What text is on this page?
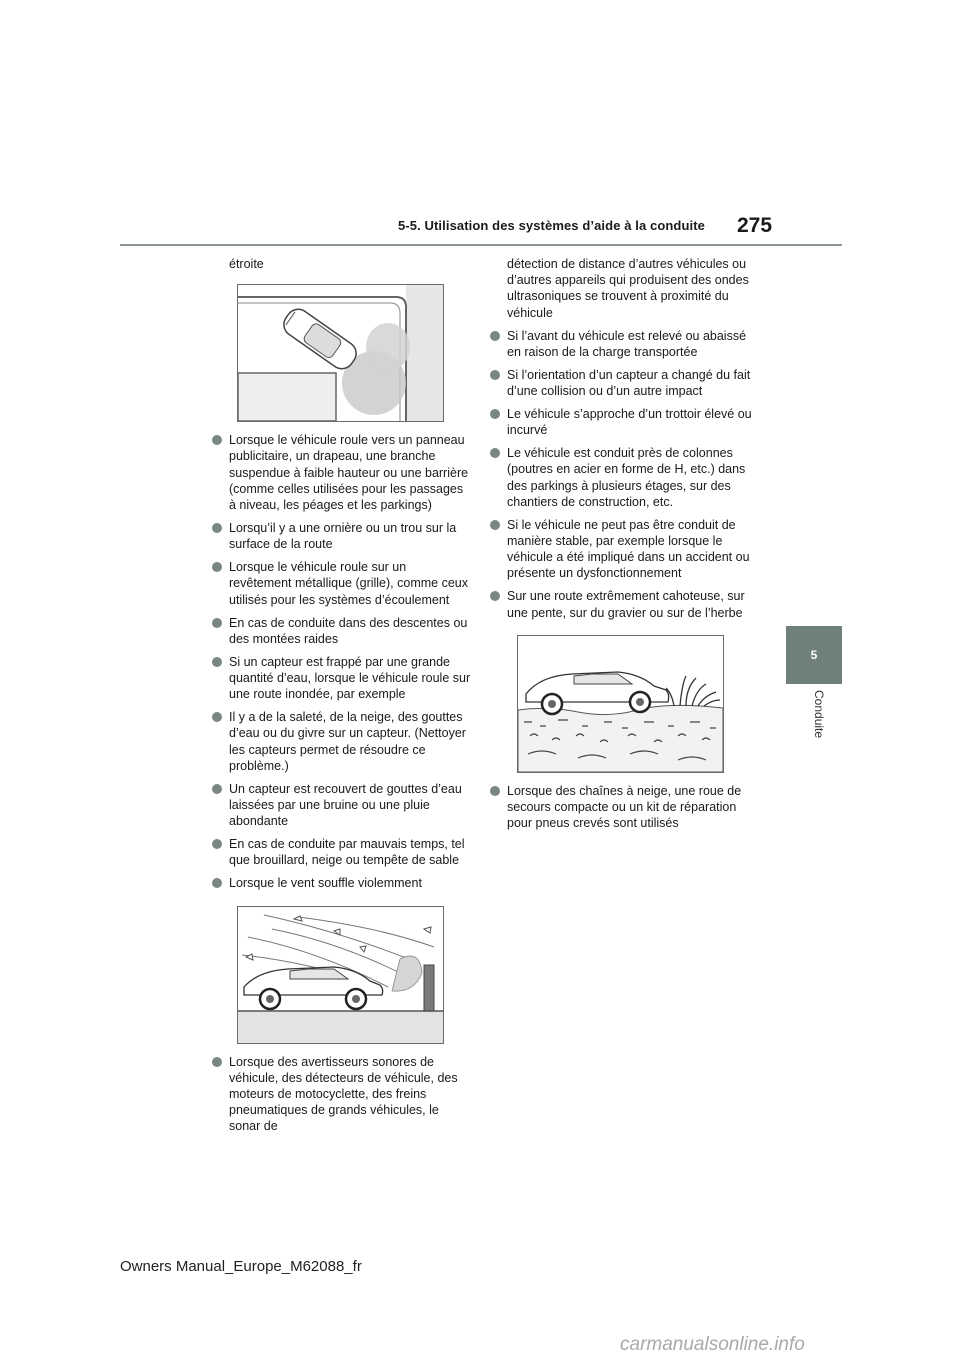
5-5. Utilisation des systèmes d’aide à la conduite 275
5
Conduite

étroite

Lorsque le véhicule roule vers un panneau publicitaire, un drapeau, une branche suspendue à faible hauteur ou une barrière (comme celles utilisées pour les passages à niveau, les péages et les parkings)
Lorsqu’il y a une ornière ou un trou sur la surface de la route
Lorsque le véhicule roule sur un revêtement métallique (grille), comme ceux utilisés pour les systèmes d’écoulement
En cas de conduite dans des descentes ou des montées raides
Si un capteur est frappé par une grande quantité d’eau, lorsque le véhicule roule sur une route inondée, par exemple
Il y a de la saleté, de la neige, des gouttes d’eau ou du givre sur un capteur. (Nettoyer les capteurs permet de résoudre ce problème.)
Un capteur est recouvert de gouttes d’eau laissées par une bruine ou une pluie abondante
En cas de conduite par mauvais temps, tel que brouillard, neige ou tempête de sable
Lorsque le vent souffle violemment
Lorsque des avertisseurs sonores de véhicule, des détecteurs de véhicule, des moteurs de motocyclette, des freins pneumatiques de grands véhicules, le sonar de

détection de distance d’autres véhicules ou d’autres appareils qui produisent des ondes ultrasoniques se trouvent à proximité du véhicule

Si l’avant du véhicule est relevé ou abaissé en raison de la charge transportée
Si l’orientation d’un capteur a changé du fait d’une collision ou d’un autre impact
Le véhicule s’approche d’un trottoir élevé ou incurvé
Le véhicule est conduit près de colonnes (poutres en acier en forme de H, etc.) dans des parkings à plusieurs étages, sur des chantiers de construction, etc.
Si le véhicule ne peut pas être conduit de manière stable, par exemple lorsque le véhicule a été impliqué dans un accident ou présente un dysfonctionnement
Sur une route extrêmement cahoteuse, sur une pente, sur du gravier ou sur de l’herbe
Lorsque des chaînes à neige, une roue de secours compacte ou un kit de réparation pour pneus crevés sont utilisés
Owners Manual_Europe_M62088_fr
carmanualsonline.info
